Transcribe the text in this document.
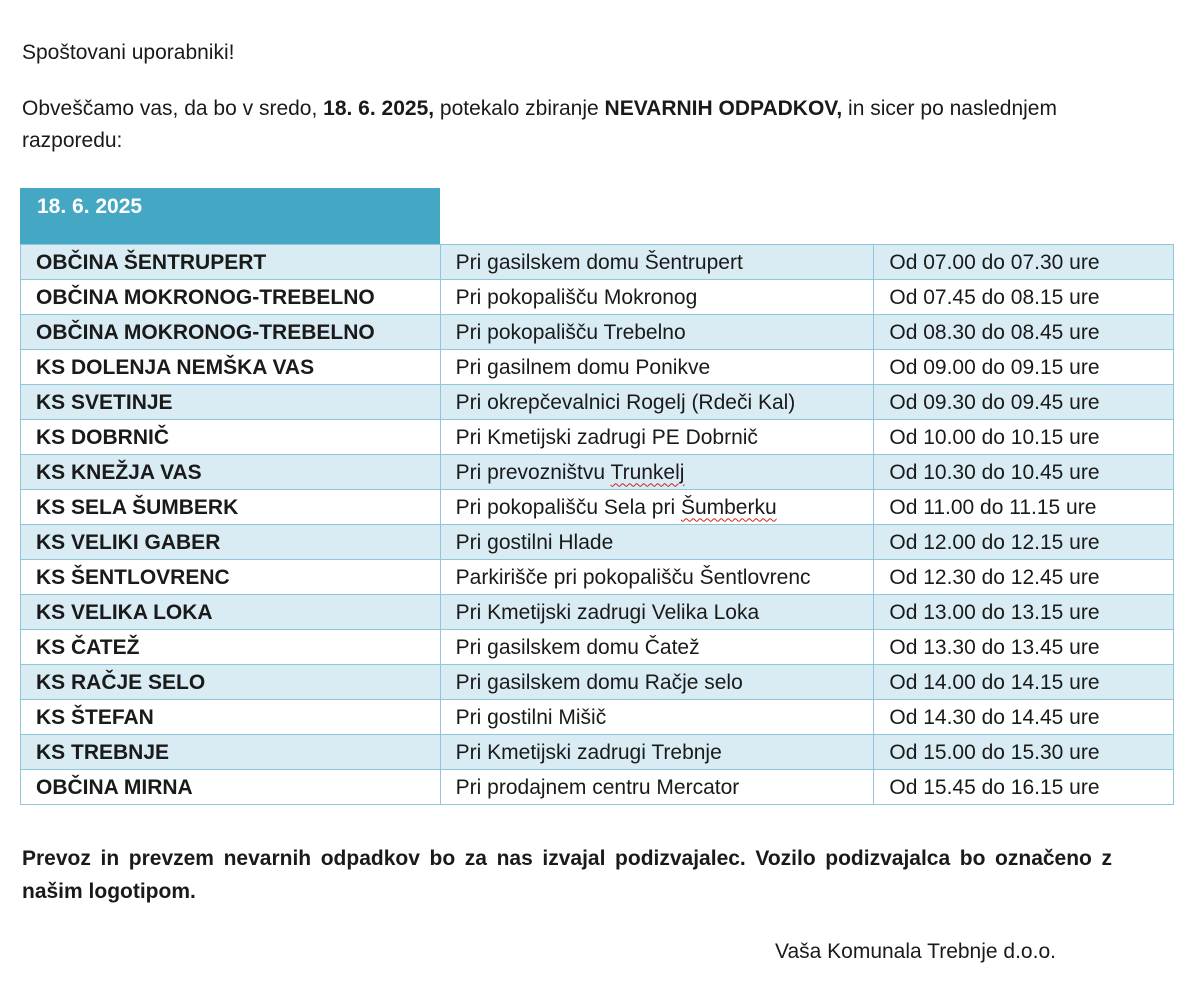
Spoštovani uporabniki!

Obveščamo vas, da bo v sredo, 18. 6. 2025, potekalo zbiranje NEVARNIH ODPADKOV, in sicer po naslednjem razporedu:

18. 6. 2025
OBČINA ŠENTRUPERT	Pri gasilskem domu Šentrupert	Od 07.00 do 07.30 ure
OBČINA MOKRONOG-TREBELNO	Pri pokopališču Mokronog	Od 07.45 do 08.15 ure
OBČINA MOKRONOG-TREBELNO	Pri pokopališču Trebelno	Od 08.30 do 08.45 ure
KS DOLENJA NEMŠKA VAS	Pri gasilnem domu Ponikve	Od 09.00 do 09.15 ure
KS SVETINJE	Pri okrepčevalnici Rogelj (Rdeči Kal)	Od 09.30 do 09.45 ure
KS DOBRNIČ	Pri Kmetijski zadrugi PE Dobrnič	Od 10.00 do 10.15 ure
KS KNEŽJA VAS	Pri prevozništvu Trunkelj	Od 10.30 do 10.45 ure
KS SELA ŠUMBERK	Pri pokopališču Sela pri Šumberku	Od 11.00 do 11.15 ure
KS VELIKI GABER	Pri gostilni Hlade	Od 12.00 do 12.15 ure
KS ŠENTLOVRENC	Parkirišče pri pokopališču Šentlovrenc	Od 12.30 do 12.45 ure
KS VELIKA LOKA	Pri Kmetijski zadrugi Velika Loka	Od 13.00 do 13.15 ure
KS ČATEŽ	Pri gasilskem domu Čatež	Od 13.30 do 13.45 ure
KS RAČJE SELO	Pri gasilskem domu Račje selo	Od 14.00 do 14.15 ure
KS ŠTEFAN	Pri gostilni Mišič	Od 14.30 do 14.45 ure
KS TREBNJE	Pri Kmetijski zadrugi Trebnje	Od 15.00 do 15.30 ure
OBČINA MIRNA	Pri prodajnem centru Mercator	Od 15.45 do 16.15 ure

Prevoz in prevzem nevarnih odpadkov bo za nas izvajal podizvajalec. Vozilo podizvajalca bo označeno z našim logotipom.

Vaša Komunala Trebnje d.o.o.
